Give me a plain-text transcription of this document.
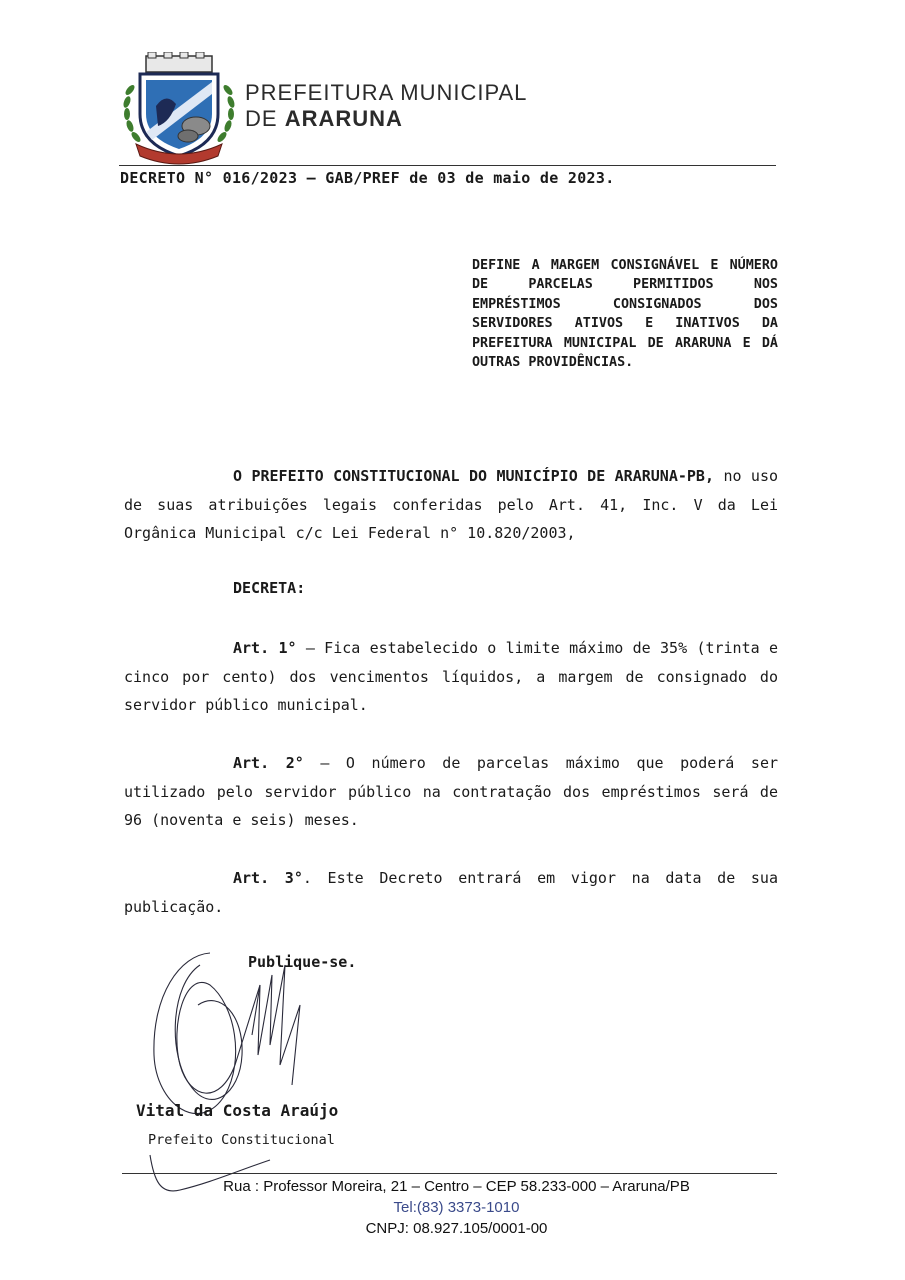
PREFEITURA MUNICIPAL
DE ARARUNA
DECRETO N° 016/2023 – GAB/PREF de 03 de maio de 2023.
DEFINE A MARGEM CONSIGNÁVEL E NÚMERO DE PARCELAS PERMITIDOS NOS EMPRÉSTIMOS CONSIGNADOS DOS SERVIDORES ATIVOS E INATIVOS DA PREFEITURA MUNICIPAL DE ARARUNA E DÁ OUTRAS PROVIDÊNCIAS.
O PREFEITO CONSTITUCIONAL DO MUNICÍPIO DE ARARUNA-PB, no uso de suas atribuições legais conferidas pelo Art. 41, Inc. V da Lei Orgânica Municipal c/c Lei Federal n° 10.820/2003,
DECRETA:
Art. 1° – Fica estabelecido o limite máximo de 35% (trinta e cinco por cento) dos vencimentos líquidos, a margem de consignado do servidor público municipal.
Art. 2° – O número de parcelas máximo que poderá ser utilizado pelo servidor público na contratação dos empréstimos será de 96 (noventa e seis) meses.
Art. 3°. Este Decreto entrará em vigor na data de sua publicação.
Publique-se.
Vital da Costa Araújo
Prefeito Constitucional
Rua : Professor Moreira, 21 – Centro – CEP 58.233-000 – Araruna/PB
Tel:(83) 3373-1010
CNPJ: 08.927.105/0001-00
